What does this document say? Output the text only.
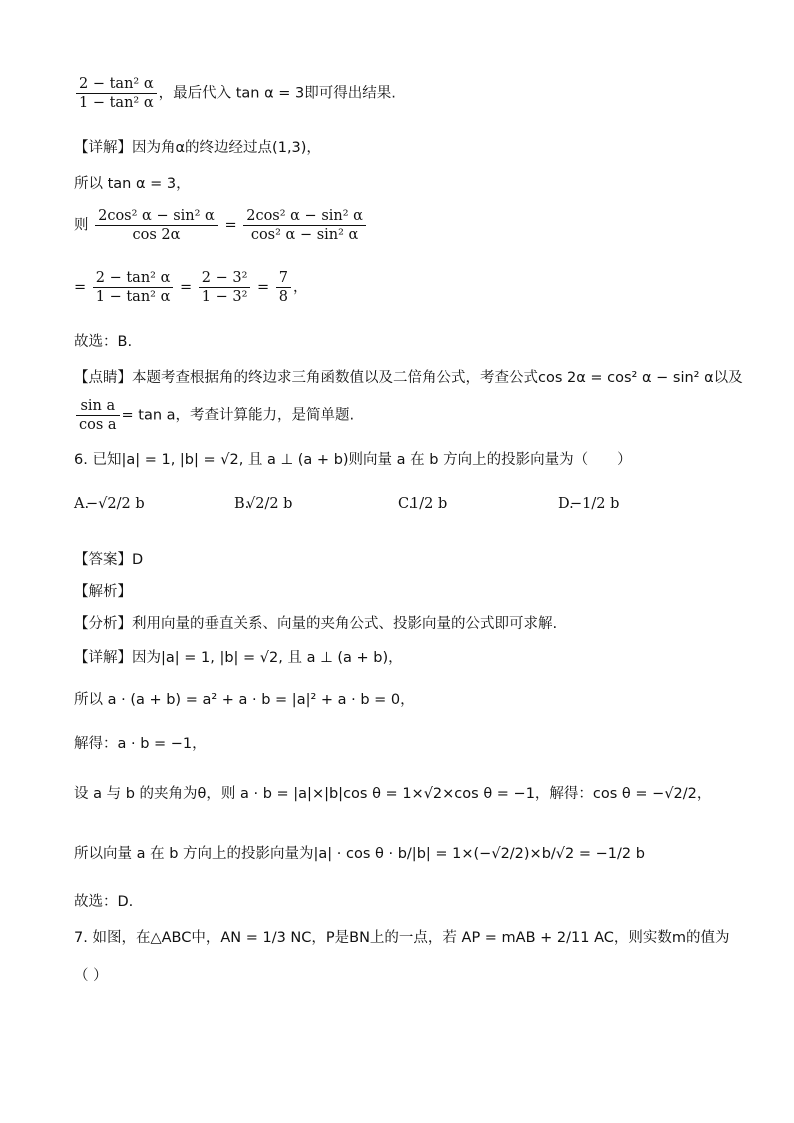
$\frac{\text{2 − tan² α}}{\text{1 − tan² α}}$ ，最后代入 tan α = 3即可得出结果.
【详解】因为角α的终边经过点(1,3)，
所以 tan α = 3，
则 $\frac{\text{2cos² α − sin² α}}{\cos 2\alpha} = \frac{\text{2cos² α − sin² α}}{\text{cos² α − sin² α}}$
= $\frac{\text{2 − tan² α}}{\text{1 − tan² α}} = \frac{\text{2 − 3²}}{\text{1 − 3²}} = \frac{7}{8}$ ，
故选：B.
【点睛】本题考查根据角的终边求三角函数值以及二倍角公式，考查公式cos 2α = cos² α − sin² α以及
$\frac{\text{sin a}}{\text{cos a}} = \tan a$，考查计算能力，是简单题.
6. 已知|a| = 1, |b| = √2, 且 a ⊥ (a + b)则向量 a 在 b 方向上的投影向量为（　　）
A.
−√2/2 b	B.
√2/2 b	C.
1/2 b	D.
−1/2 b
【答案】D
【解析】
【分析】利用向量的垂直关系、向量的夹角公式、投影向量的公式即可求解.
【详解】因为|a| = 1, |b| = √2, 且 a ⊥ (a + b)，
所以 a · (a + b) = a² + a · b = |a|² + a · b = 0，
解得：a · b = −1，
设 a 与 b 的夹角为θ，则 a · b = |a|×|b|cos θ = 1×√2×cos θ = −1，解得：cos θ = −√2/2，
所以向量 a 在 b 方向上的投影向量为|a| · cos θ · b/|b| = 1×(−√2/2)×b/√2 = −1/2 b
故选：D.
7. 如图，在△ABC中，AN = 1/3 NC，P是BN上的一点，若 AP = mAB + 2/11 AC，则实数m的值为
（ ）
